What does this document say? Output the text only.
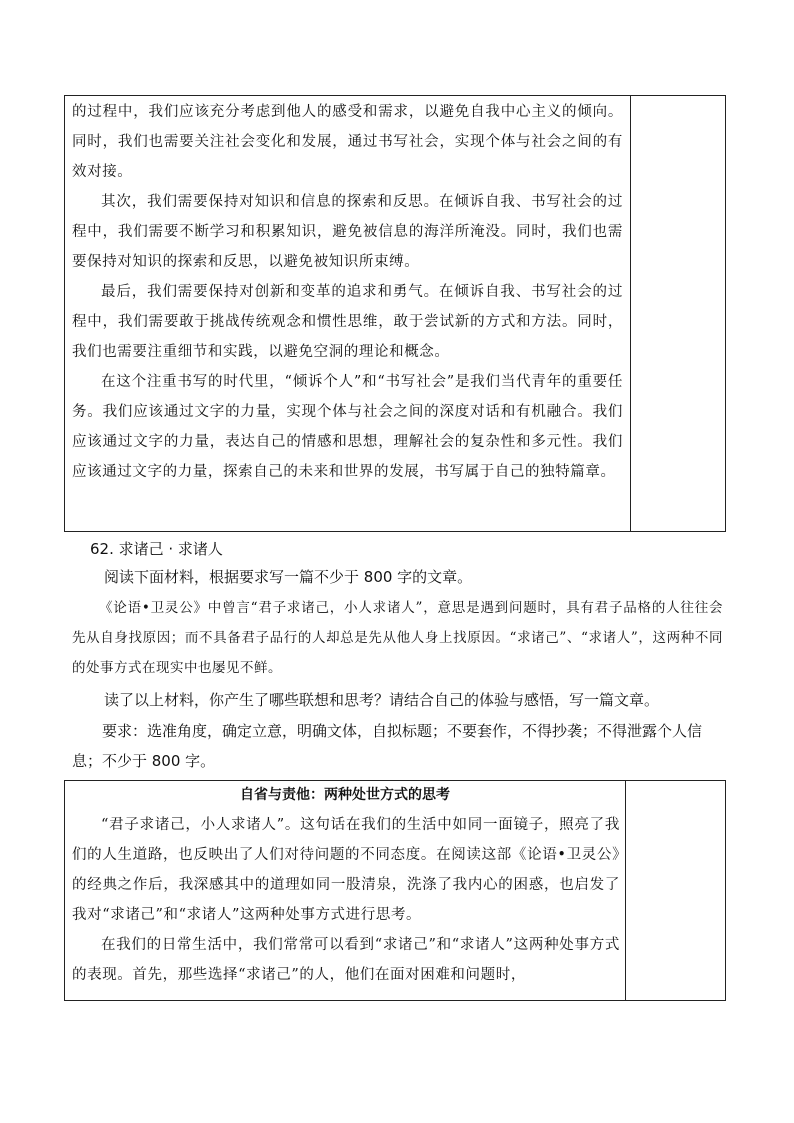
的过程中，我们应该充分考虑到他人的感受和需求，以避免自我中心主义的倾向。同时，我们也需要关注社会变化和发展，通过书写社会，实现个体与社会之间的有效对接。

其次，我们需要保持对知识和信息的探索和反思。在倾诉自我、书写社会的过程中，我们需要不断学习和积累知识，避免被信息的海洋所淹没。同时，我们也需要保持对知识的探索和反思，以避免被知识所束缚。

最后，我们需要保持对创新和变革的追求和勇气。在倾诉自我、书写社会的过程中，我们需要敢于挑战传统观念和惯性思维，敢于尝试新的方式和方法。同时，我们也需要注重细节和实践，以避免空洞的理论和概念。

在这个注重书写的时代里，“倾诉个人”和“书写社会”是我们当代青年的重要任务。我们应该通过文字的力量，实现个体与社会之间的深度对话和有机融合。我们应该通过文字的力量，表达自己的情感和思想，理解社会的复杂性和多元性。我们应该通过文字的力量，探索自己的未来和世界的发展，书写属于自己的独特篇章。

62. 求诸己 · 求诸人
阅读下面材料，根据要求写一篇不少于 800 字的文章。

《论语•卫灵公》中曾言“君子求诸己，小人求诸人”，意思是遇到问题时，具有君子品格的人往往会先从自身找原因；而不具备君子品行的人却总是先从他人身上找原因。“求诸己”、“求诸人”，这两种不同的处事方式在现实中也屡见不鲜。

读了以上材料，你产生了哪些联想和思考？请结合自己的体验与感悟，写一篇文章。
要求：选准角度，确定立意，明确文体，自拟标题；不要套作，不得抄袭；不得泄露个人信息；不少于 800 字。
自省与责他：两种处世方式的思考

“君子求诸己，小人求诸人”。这句话在我们的生活中如同一面镜子，照亮了我们的人生道路，也反映出了人们对待问题的不同态度。在阅读这部《论语•卫灵公》的经典之作后，我深感其中的道理如同一股清泉，洗涤了我内心的困惑，也启发了我对“求诸己”和“求诸人”这两种处事方式进行思考。

在我们的日常生活中，我们常常可以看到“求诸己”和“求诸人”这两种处事方式的表现。首先，那些选择“求诸己”的人，他们在面对困难和问题时，
